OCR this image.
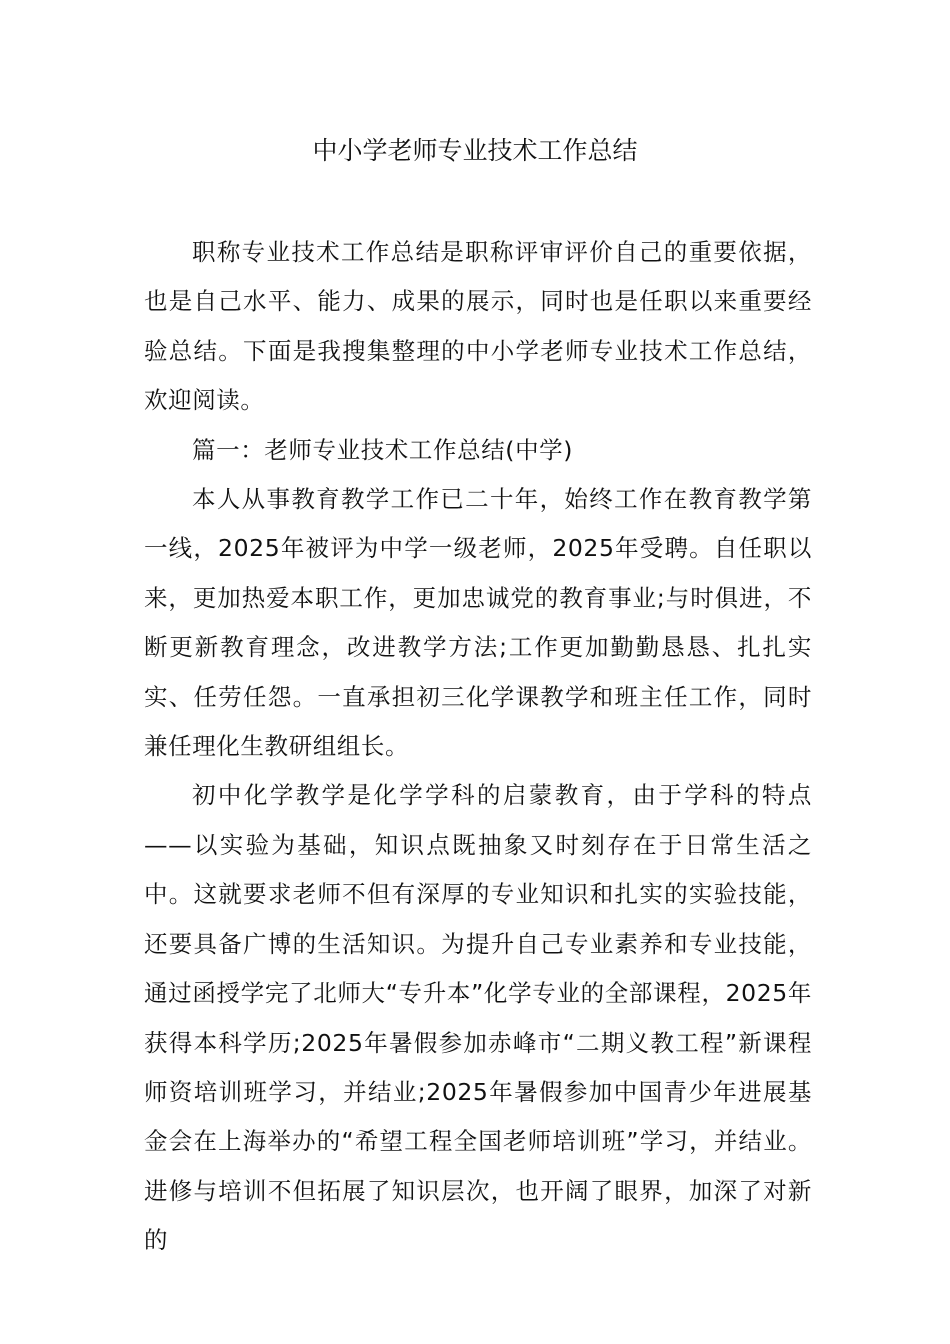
中小学老师专业技术工作总结

职称专业技术工作总结是职称评审评价自己的重要依据，也是自己水平、能力、成果的展示，同时也是任职以来重要经验总结。下面是我搜集整理的中小学老师专业技术工作总结，欢迎阅读。

篇一：老师专业技术工作总结(中学)

本人从事教育教学工作已二十年，始终工作在教育教学第一线，2025年被评为中学一级老师，2025年受聘。自任职以来，更加热爱本职工作，更加忠诚党的教育事业;与时俱进，不断更新教育理念，改进教学方法;工作更加勤勤恳恳、扎扎实实、任劳任怨。一直承担初三化学课教学和班主任工作，同时兼任理化生教研组组长。

初中化学教学是化学学科的启蒙教育，由于学科的特点——以实验为基础，知识点既抽象又时刻存在于日常生活之中。这就要求老师不但有深厚的专业知识和扎实的实验技能，还要具备广博的生活知识。为提升自己专业素养和专业技能，通过函授学完了北师大“专升本”化学专业的全部课程，2025年获得本科学历;2025年暑假参加赤峰市“二期义教工程”新课程师资培训班学习，并结业;2025年暑假参加中国青少年进展基金会在上海举办的“希望工程全国老师培训班”学习，并结业。进修与培训不但拓展了知识层次，也开阔了眼界，加深了对新的
